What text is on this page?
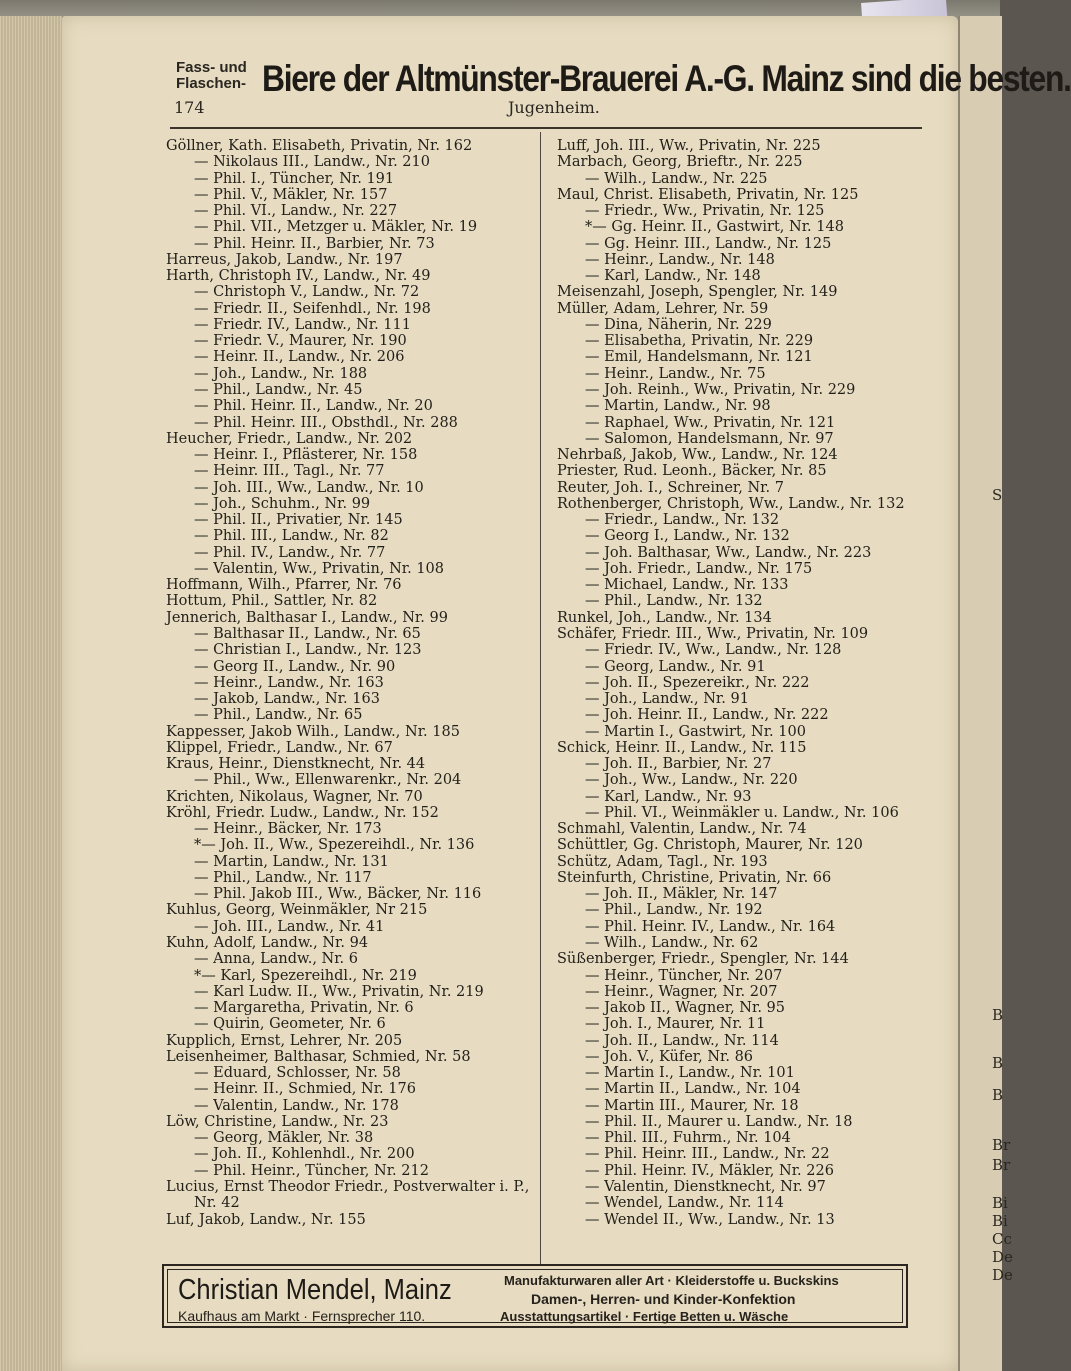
S
B
B
B
Br
Br
Bi
Bi
Cc
De
De
Fass- und
Flaschen- Biere der Altmünster-Brauerei A.-G. Mainz sind die besten.
174	Jugenheim.
Göllner, Kath. Elisabeth, Privatin, Nr. 162
— Nikolaus III., Landw., Nr. 210
— Phil. I., Tüncher, Nr. 191
— Phil. V., Mäkler, Nr. 157
— Phil. VI., Landw., Nr. 227
— Phil. VII., Metzger u. Mäkler, Nr. 19
— Phil. Heinr. II., Barbier, Nr. 73
Harreus, Jakob, Landw., Nr. 197
Harth, Christoph IV., Landw., Nr. 49
— Christoph V., Landw., Nr. 72
— Friedr. II., Seifenhdl., Nr. 198
— Friedr. IV., Landw., Nr. 111
— Friedr. V., Maurer, Nr. 190
— Heinr. II., Landw., Nr. 206
— Joh., Landw., Nr. 188
— Phil., Landw., Nr. 45
— Phil. Heinr. II., Landw., Nr. 20
— Phil. Heinr. III., Obsthdl., Nr. 288
Heucher, Friedr., Landw., Nr. 202
— Heinr. I., Pflästerer, Nr. 158
— Heinr. III., Tagl., Nr. 77
— Joh. III., Ww., Landw., Nr. 10
— Joh., Schuhm., Nr. 99
— Phil. II., Privatier, Nr. 145
— Phil. III., Landw., Nr. 82
— Phil. IV., Landw., Nr. 77
— Valentin, Ww., Privatin, Nr. 108
Hoffmann, Wilh., Pfarrer, Nr. 76
Hottum, Phil., Sattler, Nr. 82
Jennerich, Balthasar I., Landw., Nr. 99
— Balthasar II., Landw., Nr. 65
— Christian I., Landw., Nr. 123
— Georg II., Landw., Nr. 90
— Heinr., Landw., Nr. 163
— Jakob, Landw., Nr. 163
— Phil., Landw., Nr. 65
Kappesser, Jakob Wilh., Landw., Nr. 185
Klippel, Friedr., Landw., Nr. 67
Kraus, Heinr., Dienstknecht, Nr. 44
— Phil., Ww., Ellenwarenkr., Nr. 204
Krichten, Nikolaus, Wagner, Nr. 70
Kröhl, Friedr. Ludw., Landw., Nr. 152
— Heinr., Bäcker, Nr. 173
*— Joh. II., Ww., Spezereihdl., Nr. 136
— Martin, Landw., Nr. 131
— Phil., Landw., Nr. 117
— Phil. Jakob III., Ww., Bäcker, Nr. 116
Kuhlus, Georg, Weinmäkler, Nr 215
— Joh. III., Landw., Nr. 41
Kuhn, Adolf, Landw., Nr. 94
— Anna, Landw., Nr. 6
*— Karl, Spezereihdl., Nr. 219
— Karl Ludw. II., Ww., Privatin, Nr. 219
— Margaretha, Privatin, Nr. 6
— Quirin, Geometer, Nr. 6
Kupplich, Ernst, Lehrer, Nr. 205
Leisenheimer, Balthasar, Schmied, Nr. 58
— Eduard, Schlosser, Nr. 58
— Heinr. II., Schmied, Nr. 176
— Valentin, Landw., Nr. 178
Löw, Christine, Landw., Nr. 23
— Georg, Mäkler, Nr. 38
— Joh. II., Kohlenhdl., Nr. 200
— Phil. Heinr., Tüncher, Nr. 212
Lucius, Ernst Theodor Friedr., Postverwalter i. P.,
Nr. 42
Luf, Jakob, Landw., Nr. 155
Luff, Joh. III., Ww., Privatin, Nr. 225
Marbach, Georg, Brieftr., Nr. 225
— Wilh., Landw., Nr. 225
Maul, Christ. Elisabeth, Privatin, Nr. 125
— Friedr., Ww., Privatin, Nr. 125
*— Gg. Heinr. II., Gastwirt, Nr. 148
— Gg. Heinr. III., Landw., Nr. 125
— Heinr., Landw., Nr. 148
— Karl, Landw., Nr. 148
Meisenzahl, Joseph, Spengler, Nr. 149
Müller, Adam, Lehrer, Nr. 59
— Dina, Näherin, Nr. 229
— Elisabetha, Privatin, Nr. 229
— Emil, Handelsmann, Nr. 121
— Heinr., Landw., Nr. 75
— Joh. Reinh., Ww., Privatin, Nr. 229
— Martin, Landw., Nr. 98
— Raphael, Ww., Privatin, Nr. 121
— Salomon, Handelsmann, Nr. 97
Nehrbaß, Jakob, Ww., Landw., Nr. 124
Priester, Rud. Leonh., Bäcker, Nr. 85
Reuter, Joh. I., Schreiner, Nr. 7
Rothenberger, Christoph, Ww., Landw., Nr. 132
— Friedr., Landw., Nr. 132
— Georg I., Landw., Nr. 132
— Joh. Balthasar, Ww., Landw., Nr. 223
— Joh. Friedr., Landw., Nr. 175
— Michael, Landw., Nr. 133
— Phil., Landw., Nr. 132
Runkel, Joh., Landw., Nr. 134
Schäfer, Friedr. III., Ww., Privatin, Nr. 109
— Friedr. IV., Ww., Landw., Nr. 128
— Georg, Landw., Nr. 91
— Joh. II., Spezereikr., Nr. 222
— Joh., Landw., Nr. 91
— Joh. Heinr. II., Landw., Nr. 222
— Martin I., Gastwirt, Nr. 100
Schick, Heinr. II., Landw., Nr. 115
— Joh. II., Barbier, Nr. 27
— Joh., Ww., Landw., Nr. 220
— Karl, Landw., Nr. 93
— Phil. VI., Weinmäkler u. Landw., Nr. 106
Schmahl, Valentin, Landw., Nr. 74
Schüttler, Gg. Christoph, Maurer, Nr. 120
Schütz, Adam, Tagl., Nr. 193
Steinfurth, Christine, Privatin, Nr. 66
— Joh. II., Mäkler, Nr. 147
— Phil., Landw., Nr. 192
— Phil. Heinr. IV., Landw., Nr. 164
— Wilh., Landw., Nr. 62
Süßenberger, Friedr., Spengler, Nr. 144
— Heinr., Tüncher, Nr. 207
— Heinr., Wagner, Nr. 207
— Jakob II., Wagner, Nr. 95
— Joh. I., Maurer, Nr. 11
— Joh. II., Landw., Nr. 114
— Joh. V., Küfer, Nr. 86
— Martin I., Landw., Nr. 101
— Martin II., Landw., Nr. 104
— Martin III., Maurer, Nr. 18
— Phil. II., Maurer u. Landw., Nr. 18
— Phil. III., Fuhrm., Nr. 104
— Phil. Heinr. III., Landw., Nr. 22
— Phil. Heinr. IV., Mäkler, Nr. 226
— Valentin, Dienstknecht, Nr. 97
— Wendel, Landw., Nr. 114
— Wendel II., Ww., Landw., Nr. 13
Christian Mendel, Mainz
Kaufhaus am Markt · Fernsprecher 110.
Manufakturwaren aller Art · Kleiderstoffe u. Buckskins
Damen-, Herren- und Kinder-Konfektion
Ausstattungsartikel · Fertige Betten u. Wäsche
